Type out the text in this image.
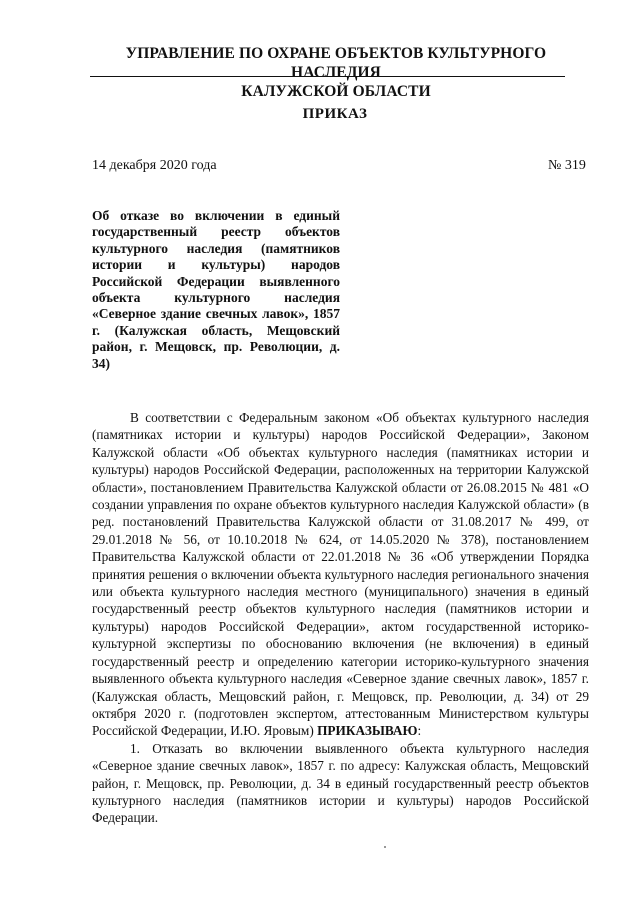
УПРАВЛЕНИЕ ПО ОХРАНЕ ОБЪЕКТОВ КУЛЬТУРНОГО НАСЛЕДИЯ
КАЛУЖСКОЙ ОБЛАСТИ
ПРИКАЗ
14 декабря 2020 года	№ 319
Об отказе во включении в единый государственный реестр объектов культурного наследия (памятников истории и культуры) народов Российской Федерации выявленного объекта культурного наследия «Северное здание свечных лавок», 1857 г. (Калужская область, Мещовский район, г. Мещовск, пр. Революции, д. 34)

В соответствии с Федеральным законом «Об объектах культурного наследия (памятниках истории и культуры) народов Российской Федерации», Законом Калужской области «Об объектах культурного наследия (памятниках истории и культуры) народов Российской Федерации, расположенных на территории Калужской области», постановлением Правительства Калужской области от 26.08.2015 № 481 «О создании управления по охране объектов культурного наследия Калужской области» (в ред. постановлений Правительства Калужской области от 31.08.2017 № 499, от 29.01.2018 № 56, от 10.10.2018 № 624, от 14.05.2020 № 378), постановлением Правительства Калужской области от 22.01.2018 № 36 «Об утверждении Порядка принятия решения о включении объекта культурного наследия регионального значения или объекта культурного наследия местного (муниципального) значения в единый государственный реестр объектов культурного наследия (памятников истории и культуры) народов Российской Федерации», актом государственной историко-культурной экспертизы по обоснованию включения (не включения) в единый государственный реестр и определению категории историко-культурного значения выявленного объекта культурного наследия «Северное здание свечных лавок», 1857 г. (Калужская область, Мещовский район, г. Мещовск, пр. Революции, д. 34) от 29 октября 2020 г. (подготовлен экспертом, аттестованным Министерством культуры Российской Федерации, И.Ю. Яровым) ПРИКАЗЫВАЮ:

1. Отказать во включении выявленного объекта культурного наследия «Северное здание свечных лавок», 1857 г. по адресу: Калужская область, Мещовский район, г. Мещовск, пр. Революции, д. 34 в единый государственный реестр объектов культурного наследия (памятников истории и культуры) народов Российской Федерации.
